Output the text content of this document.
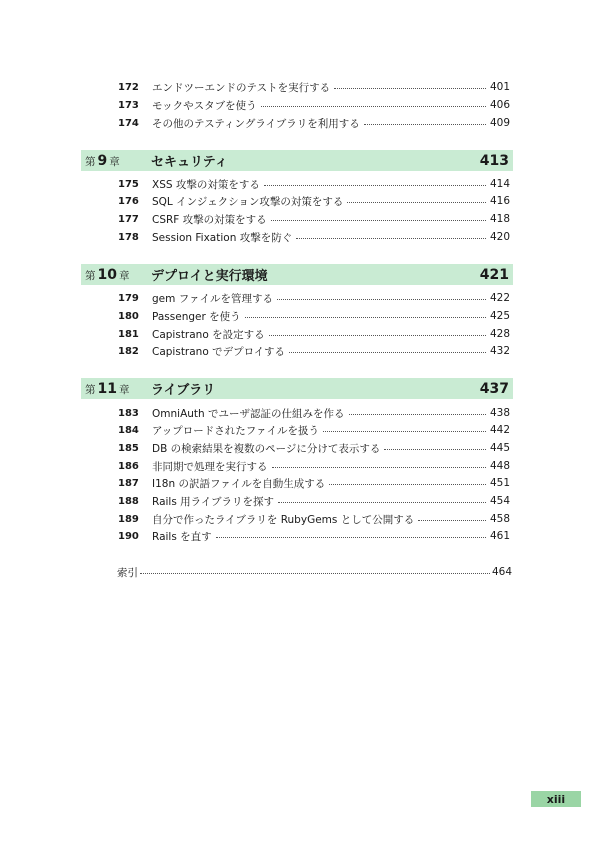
172	エンドツーエンドのテストを実行する	401
173	モックやスタブを使う	406
174	その他のテスティングライブラリを利用する	409
第 9 章 セキュリティ	413
175	XSS 攻撃の対策をする	414
176	SQL インジェクション攻撃の対策をする	416
177	CSRF 攻撃の対策をする	418
178	Session Fixation 攻撃を防ぐ	420
第 10 章 デプロイと実行環境	421
179	gem ファイルを管理する	422
180	Passenger を使う	425
181	Capistrano を設定する	428
182	Capistrano でデプロイする	432
第 11 章 ライブラリ	437
183	OmniAuth でユーザ認証の仕組みを作る	438
184	アップロードされたファイルを扱う	442
185	DB の検索結果を複数のページに分けて表示する	445
186	非同期で処理を実行する	448
187	I18n の訳語ファイルを自動生成する	451
188	Rails 用ライブラリを探す	454
189	自分で作ったライブラリを RubyGems として公開する	458
190	Rails を直す	461
索引	464
xiii
